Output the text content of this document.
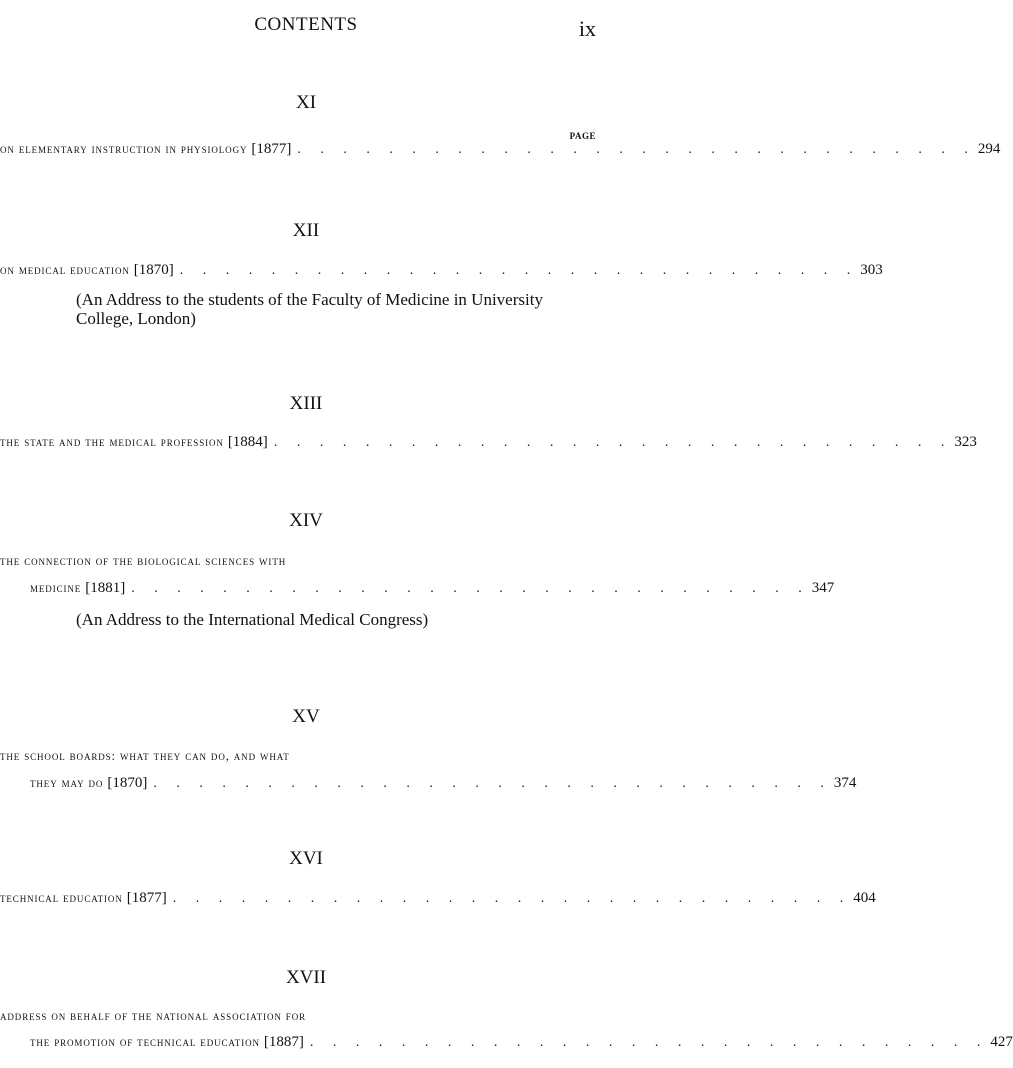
CONTENTS	ix
XI
PAGE
on elementary instruction in physiology [1877] . . . . . . . . . . . . . . . . . . . . . . . . . . . . . . 294
XII
on medical education [1870] . . . . . . . . . . . . . . . . . . . . . . . . . . . . . . 303
(An Address to the students of the Faculty of Medicine in University College, London)
XIII
the state and the medical profession [1884] . . . . . . . . . . . . . . . . . . . . . . . . . . . . . . 323
XIV
the connection of the biological sciences with
medicine [1881] . . . . . . . . . . . . . . . . . . . . . . . . . . . . . . 347
(An Address to the International Medical Congress)
XV
the school boards: what they can do, and what
they may do [1870] . . . . . . . . . . . . . . . . . . . . . . . . . . . . . . 374
XVI
technical education [1877] . . . . . . . . . . . . . . . . . . . . . . . . . . . . . . 404
XVII
address on behalf of the national association for
the promotion of technical education [1887] . . . . . . . . . . . . . . . . . . . . . . . . . . . . . . 427
